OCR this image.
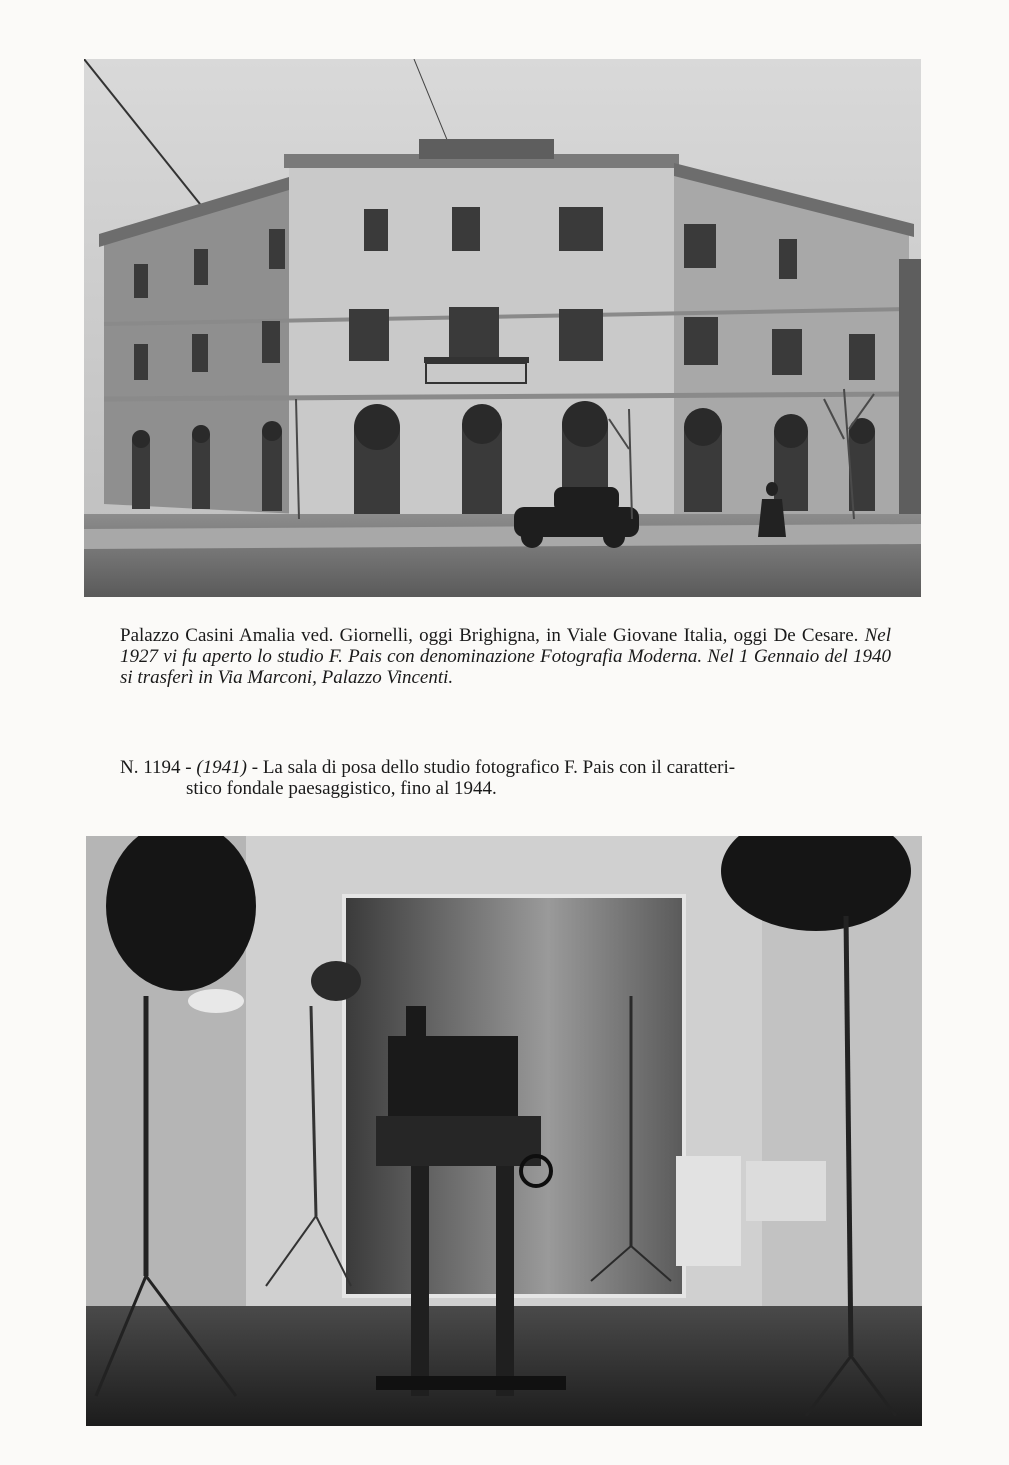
Palazzo Casini Amalia ved. Giornelli, oggi Brighigna, in Viale Giovane Italia, oggi De Cesare. Nel 1927 vi fu aperto lo studio F. Pais con denominazione Fotografia Moderna. Nel 1 Gennaio del 1940 si trasferì in Via Marconi, Palazzo Vincenti.

N. 1194 - (1941) - La sala di posa dello studio fotografico F. Pais con il caratteri-
stico fondale paesaggistico, fino al 1944.
